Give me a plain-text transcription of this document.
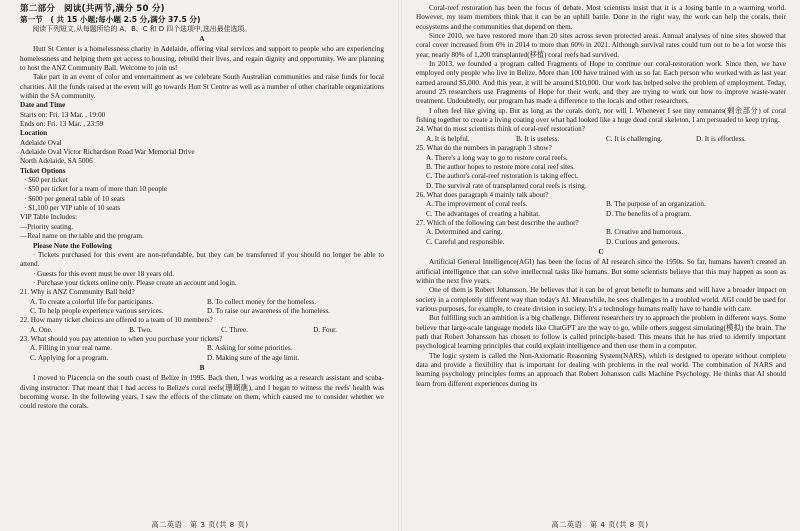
第二部分　阅读(共两节,满分 50 分)

第一节　( 共 15 小题;每小题 2.5 分,满分 37.5 分)

阅读下列短文,从每题所给的 A、B、C 和 D 四个选项中,选出最佳选项。

A

Hutt St Center is a homelessness charity in Adelaide, offering vital services and support to people who are experiencing homelessness and helping them get access to housing, rebuild their lives, and regain dignity and opportunity. We are planning to host the ANZ Community Ball. Welcome to join us!

Take part in an event of color and entertainment as we celebrate South Australian communities and raise funds for local charities. All the funds raised at the event will go towards Hutt St Centre as well as a number of other charitable organizations within the SA community.

Date and Time

Starts on: Fri. 13 Mar. , 19:00

Ends on: Fri. 13 Mar. , 23:59

Location

Adelaide Oval

Adelaide Oval Victor Richardson Road War Memorial Drive

North Adelaide, SA 5006

Ticket Options

· $60 per ticket

· $50 per ticket for a team of more than 10 people

· $600 per general table of 10 seats

· $1,100 per VIP table of 10 seats

VIP Table Includes:

—Priority seating.

—Real name on the table and the program.

Please Note the Following

· Tickets purchased for this event are non-refundable, but they can be transferred if you should no longer be able to attend.

· Guests for this event must be over 18 years old.

· Purchase your tickets online only. Please create an account and login.

21. Why is ANZ Community Ball held?

A. To create a colorful life for participants.	B. To collect money for the homeless.
C. To help people experience various services.	D. To raise our awareness of the homeless.

22. How many ticket choices are offered to a team of 10 members?

A. One.	B. Two.	C. Three.	D. Four.

23. What should you pay attention to when you purchase your tickets?

A. Filling in your real name.	B. Asking for some priorities.
C. Applying for a program.	D. Making sure of the age limit.

B

I moved to Placencia on the south coast of Belize in 1995. Back then, I was working as a research assistant and scuba-diving instructor. That meant that I had access to Belize's coral reefs(珊瑚礁), and I began to witness the reefs' health was becoming worse. In the following years, I saw the effects of the climate on them, which caused me to consider whether we could restore the corals.

高二英语　第 3 页(共 8 页)

Coral-reef restoration has been the focus of debate. Most scientists insist that it is a losing battle in a warming world. However, my team members think that it can be an uphill battle. Done in the right way, the work can help the corals, their ecosystems and the communities that depend on them.

Since 2010, we have restored more than 20 sites across seven protected areas. Annual analyses of nine sites showed that coral cover increased from 6% in 2014 to more than 60% in 2021. Although survival rates could turn out to be a lot worse this year, nearly 80% of 1,200 transplanted(移植) coral reefs had survived.

In 2013, we founded a program called Fragments of Hope to continue our coral-restoration work. Since then, we have employed only people who live in Belize. More than 100 have trained with us so far. Each person who worked with as last year earned around $5,000. And this year, it will be around $10,000. Our work has helped solve the problem of employment. Today, around 25 researchers use Fragments of Hope for their work, and they are trying to work out how to improve waste-water treatment. Undoubtedly, our program has made a difference to the locals and other researchers.

I often feel like giving up. But as long as the corals don't, nor will I. Whenever I see tiny remnants(剩余部分) of coral fishing together to create a living coating over what had looked like a huge dead coral skeleton, I am persuaded to keep trying.

24. What do most scientists think of coral-reef restoration?

A. It is helpful.	B. It is useless.	C. It is challenging.	D. It is effortless.

25. What do the numbers in paragraph 3 show?

A. There's a long way to go to restore coral reefs.

B. The author hopes to restore more coral reef sites.

C. The author's coral-reef restoration is taking effect.

D. The survival rate of transplanted coral reefs is rising.

26. What does paragraph 4 mainly talk about?

A. The improvement of coral reefs.	B. The purpose of an organization.
C. The advantages of creating a habitat.	D. The benefits of a program.

27. Which of the following can best describe the author?

A. Determined and caring.	B. Creative and humorous.
C. Careful and responsible.	D. Curious and generous.

C

Artificial General Intelligence(AGI) has been the focus of AI research since the 1950s. So far, humans haven't created an artificial intelligence that can solve intellectual tasks like humans. But some scientists believe that this may happen as soon as within the next five years.

One of them is Robert Johansson. He believes that it can be of great benefit to humans and will have a broader impact on society in a completely different way than today's AI. Meanwhile, he sees challenges in a troubled world. AGI could be used for various purposes, for example, to create division in society. It's a technology humans really have to handle with care.

But fulfilling such an ambition is a big challenge. Different researchers try to approach the problem in different ways. Some believe that large-scale language models like ChatGPT are the way to go, while others suggest simulating(模拟) the brain. The path that Robert Johansson has chosen to follow is called principle-based. This means that he has tried to identify important psychological learning principles that could explain intelligence and then use them in a computer.

The logic system is called the Non-Axiomatic Reasoning System(NARS), which is designed to operate without complete data and provide a flexibility that is important for dealing with problems in the real world. The combination of NARS and learning psychology principles forms an approach that Robert Johansson calls Machine Psychology. He thinks that AI should learn from different experiences during its

高二英语　第 4 页(共 8 页)
